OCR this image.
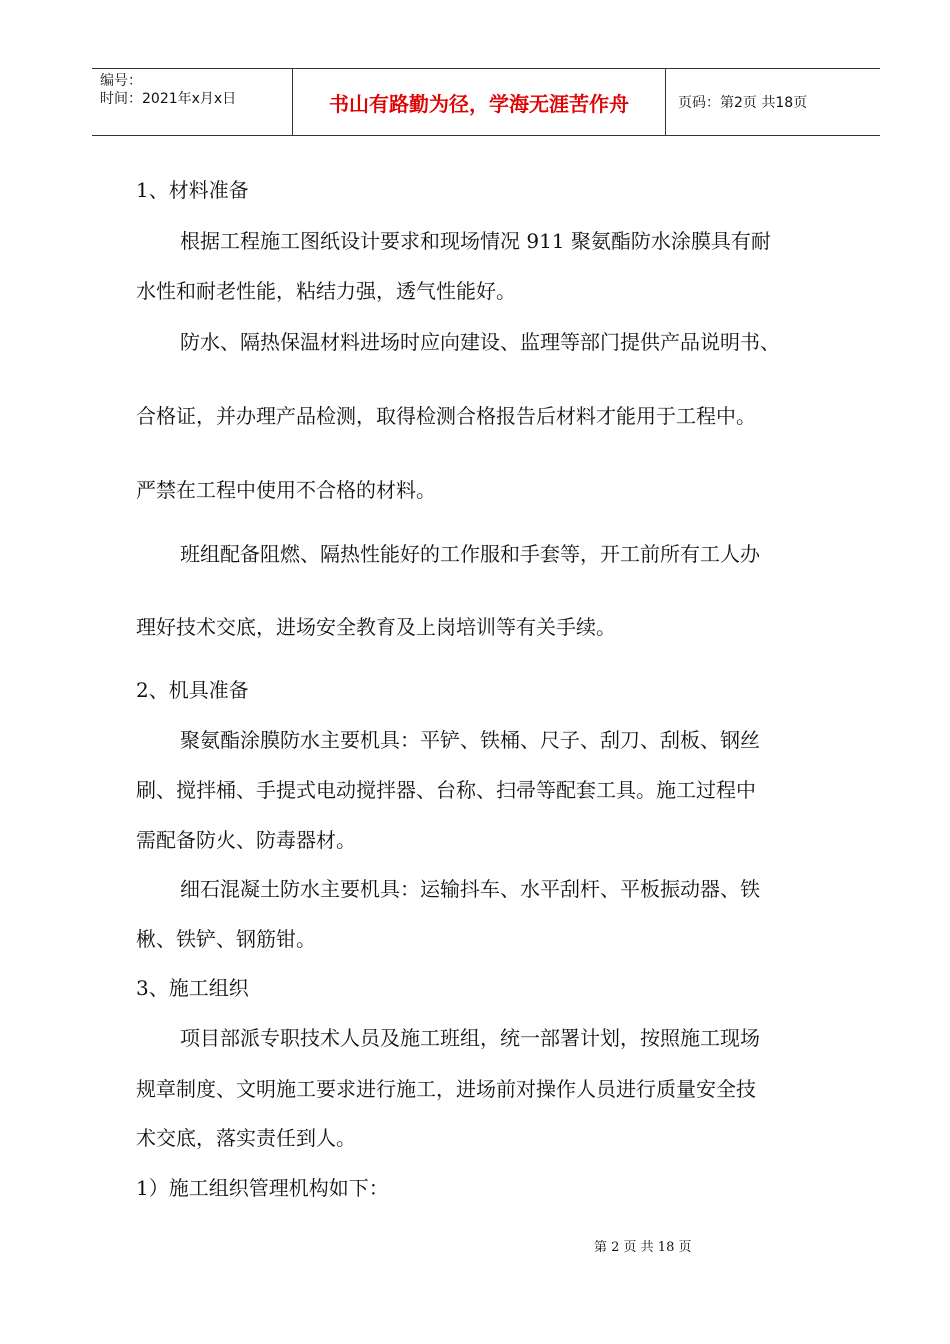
编号：
时间：2021年x月x日	书山有路勤为径，学海无涯苦作舟	页码：第2页 共18页
1、材料准备
根据工程施工图纸设计要求和现场情况 911 聚氨酯防水涂膜具有耐
水性和耐老性能，粘结力强，透气性能好。
防水、隔热保温材料进场时应向建设、监理等部门提供产品说明书、
合格证，并办理产品检测，取得检测合格报告后材料才能用于工程中。
严禁在工程中使用不合格的材料。
班组配备阻燃、隔热性能好的工作服和手套等，开工前所有工人办
理好技术交底，进场安全教育及上岗培训等有关手续。
2、机具准备
聚氨酯涂膜防水主要机具：平铲、铁桶、尺子、刮刀、刮板、钢丝
刷、搅拌桶、手提式电动搅拌器、台称、扫帚等配套工具。施工过程中
需配备防火、防毒器材。
细石混凝土防水主要机具：运输抖车、水平刮杆、平板振动器、铁
楸、铁铲、钢筋钳。
3、施工组织
项目部派专职技术人员及施工班组，统一部署计划，按照施工现场
规章制度、文明施工要求进行施工，进场前对操作人员进行质量安全技
术交底，落实责任到人。
1）施工组织管理机构如下：
第 2 页 共 18 页
